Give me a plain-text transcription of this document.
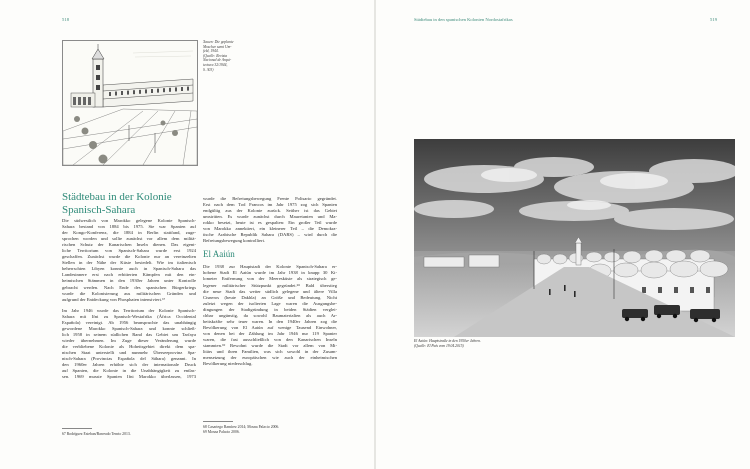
518	Städtebau in den spanischen Kolonien Nordostafrikas	519
Xauen: Die geplante
Moschee samt Um-
feld, 1944.
(Quelle: Revista
Nacional de Arqui-
tectura 32/1944,
S. 303)
Städtebau in der Kolonie
Spanisch-Sahara

Die südwestlich von Marokko gelegene Kolonie Spanisch-
Sahara bestand von 1884 bis 1975. Sie war Spanien auf
der Kongo-Konferenz, die 1884 in Berlin stattfand, zuge-
sprochen worden und sollte zunächst vor allem dem militä-
rischen Schutz der Kanarischen Inseln dienen. Das eigent-
liche Territorium von Spanisch-Sahara wurde erst 1924
geschaffen. Zunächst wurde die Kolonie nur an vereinzelten
Stellen in der Nähe der Küste besiedelt. Wie im italienisch
beherrschten Libyen konnte auch in Spanisch-Sahara das
Landesinnere erst nach erbitterten Kämpfen mit den ein-
heimischen Stämmen in den 1930er Jahren unter Kontrolle
gebracht werden. Nach Ende des spanischen Bürgerkriegs
wurde die Kolonisierung aus militärischen Gründen und
aufgrund der Entdeckung von Phosphaten intensiviert.⁶⁷

Im Jahr 1946 wurde das Territorium der Kolonie Spanisch-
Sahara mit Ifni zu Spanisch-Westafrika (África Occidental
Española) vereinigt. Ab 1956 beanspruchte das unabhängig
gewordene Marokko Spanisch-Sahara und konnte schließ-
lich 1958 in seinem südlichen Rand das Gebiet um Tarfaya
wieder übernehmen. Im Zuge dieser Veränderung wurde
die verbliebene Kolonie als Hoheitsgebiet direkt dem spa-
nischen Staat unterstellt und nunmehr Überseeprovinz Spa-
nisch-Sahara (Provincias Española del Sáhara) genannt. In
den 1960er Jahren erhöhte sich der internationale Druck
auf Spanien, die Kolonie in die Unabhängigkeit zu entlas-
sen. 1969 musste Spanien Ifni Marokko überlassen, 1973

67 Rodríguez Esteban/Barreado Tenrio 2013.

wurde die Befreiungsbewegung Frente Polisario gegründet.
Erst nach dem Tod Francos im Jahr 1975 zog sich Spanien
endgültig aus der Kolonie zurück. Seither ist das Gebiet
umstritten. Es wurde zunächst durch Mauretanien und Ma-
rokko besetzt, heute ist es gespalten: Ein großer Teil wurde
von Marokko annektiert, ein kleinerer Teil – die Demokra-
tische Arabische Republik Sahara (DARS) – wird durch die
Befreiungsbewegung kontrolliert.

El Aaiún

Die 1938 zur Hauptstadt der Kolonie Spanisch-Sahara er-
hobene Stadt El Aaiún wurde im Jahr 1938 in knapp 30 Ki-
lometer Entfernung von der Meeresküste als strategisch ge-
legener militärischer Stützpunkt gegründet.⁶⁸ Bald überstieg
die neue Stadt das weiter südlich gelegene und ältere Villa
Cisneros (heute Dakhla) an Größe und Bedeutung. Nicht
zuletzt wegen der isolierten Lage waren die Ausgangsbe-
dingungen der Stadtgründung in beiden Städten verglei-
chbar ungünstig, da sowohl Baumaterialien als auch Ar-
beitskräfte sehr teuer waren. In den 1940er Jahren zog die
Bevölkerung von El Aaiún auf wenige Tausend Einwohner,
von denen bei der Zählung im Jahr 1946 nur 119 Spanier
waren, die fast ausschließlich von den Kanarischen Inseln
stammten.⁶⁹ Bewohnt wurde die Stadt vor allem von Mi-
litärs und ihren Familien, was sich sowohl in der Zusam-
mensetzung der europäischen wie auch der einheimischen
Bevölkerung niederschlug.

68 Casariego Ramírez 2014; Mosna Palacio 2006.
69 Mosna Palacio 2006.
El Aaiún: Hauptstraße in den 1950er Jahren.
(Quelle: El País vom 19.04.2015)
